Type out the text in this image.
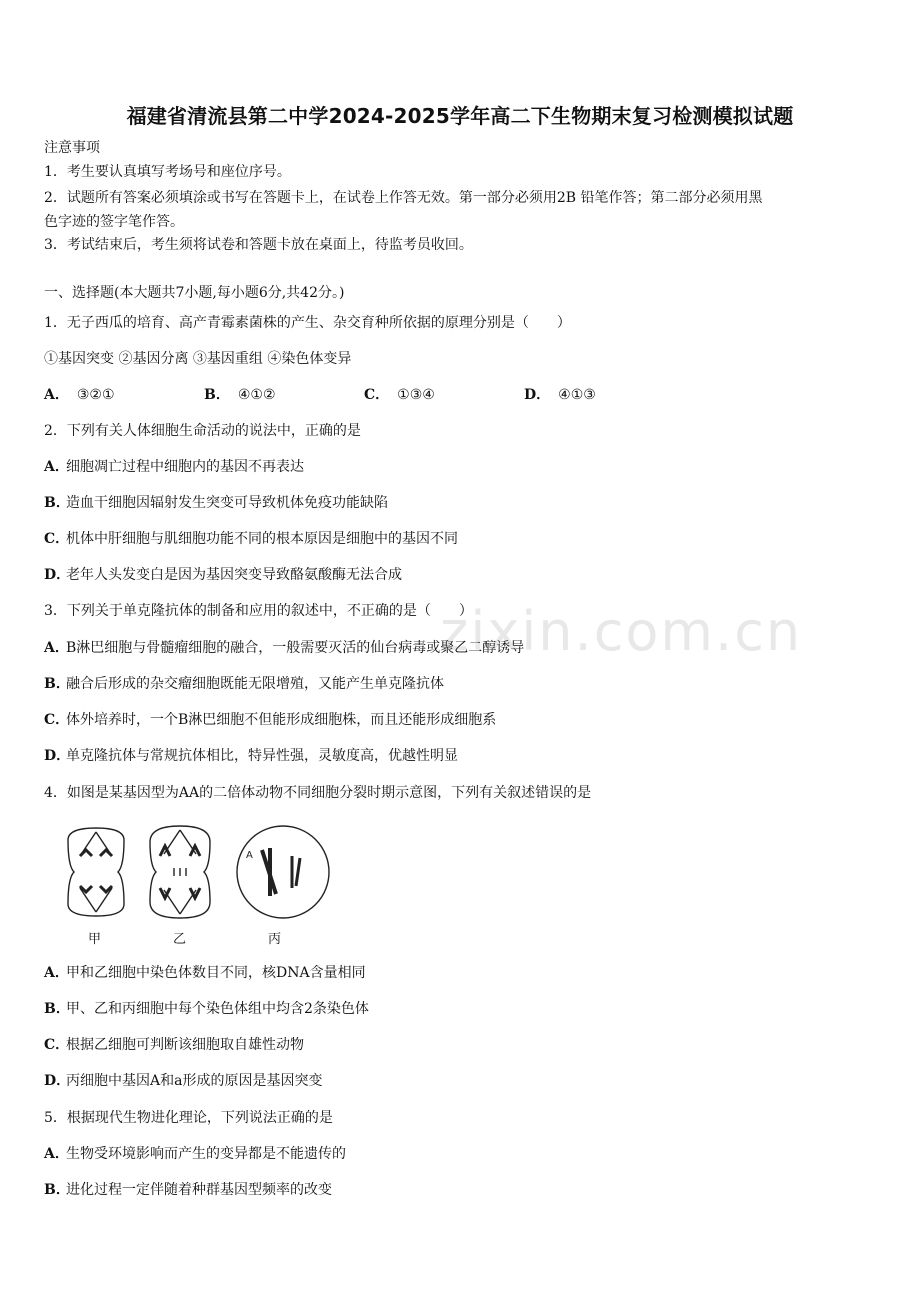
福建省清流县第二中学2024-2025学年高二下生物期末复习检测模拟试题
注意事项
1．考生要认真填写考场号和座位序号。
2．试题所有答案必须填涂或书写在答题卡上，在试卷上作答无效。第一部分必须用2B 铅笔作答；第二部分必须用黑
色字迹的签字笔作答。
3．考试结束后，考生须将试卷和答题卡放在桌面上，待监考员收回。
一、选择题(本大题共7小题,每小题6分,共42分。)
1．无子西瓜的培育、高产青霉素菌株的产生、杂交育种所依据的原理分别是（　　）
①基因突变 ②基因分离 ③基因重组 ④染色体变异
A． ③②①	B． ④①②	C． ①③④	D． ④①③
2．下列有关人体细胞生命活动的说法中，正确的是
A．细胞凋亡过程中细胞内的基因不再表达
B．造血干细胞因辐射发生突变可导致机体免疫功能缺陷
C．机体中肝细胞与肌细胞功能不同的根本原因是细胞中的基因不同
D．老年人头发变白是因为基因突变导致酪氨酸酶无法合成
3．下列关于单克隆抗体的制备和应用的叙述中，不正确的是（　　）
A．B淋巴细胞与骨髓瘤细胞的融合，一般需要灭活的仙台病毒或聚乙二醇诱导
B．融合后形成的杂交瘤细胞既能无限增殖，又能产生单克隆抗体
C．体外培养时，一个B淋巴细胞不但能形成细胞株，而且还能形成细胞系
D．单克隆抗体与常规抗体相比，特异性强，灵敏度高，优越性明显
4．如图是某基因型为AA的二倍体动物不同细胞分裂时期示意图，下列有关叙述错误的是
A
甲	乙	丙
A．甲和乙细胞中染色体数目不同，核DNA含量相同
B．甲、乙和丙细胞中每个染色体组中均含2条染色体
C．根据乙细胞可判断该细胞取自雄性动物
D．丙细胞中基因A和a形成的原因是基因突变
5．根据现代生物进化理论，下列说法正确的是
A．生物受环境影响而产生的变异都是不能遗传的
B．进化过程一定伴随着种群基因型频率的改变
zixin.com.cn
